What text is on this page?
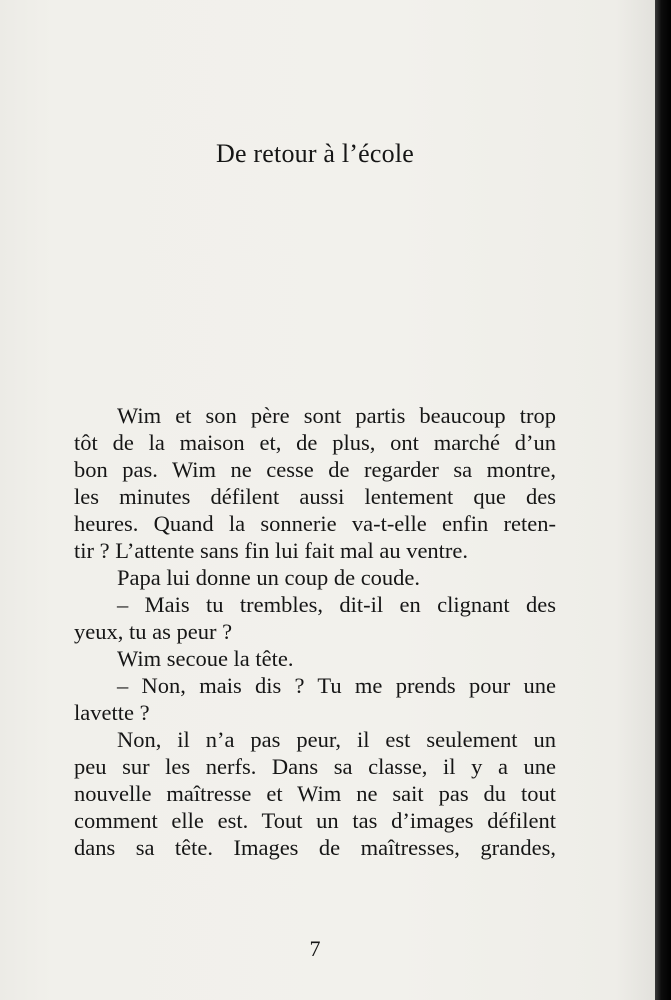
De retour à l’école
Wim et son père sont partis beaucoup trop
tôt de la maison et, de plus, ont marché d’un
bon pas. Wim ne cesse de regarder sa montre,
les minutes défilent aussi lentement que des
heures. Quand la sonnerie va-t-elle enfin reten-
tir ? L’attente sans fin lui fait mal au ventre.
Papa lui donne un coup de coude.
– Mais tu trembles, dit-il en clignant des
yeux, tu as peur ?
Wim secoue la tête.
– Non, mais dis ? Tu me prends pour une
lavette ?
Non, il n’a pas peur, il est seulement un
peu sur les nerfs. Dans sa classe, il y a une
nouvelle maîtresse et Wim ne sait pas du tout
comment elle est. Tout un tas d’images défilent
dans sa tête. Images de maîtresses, grandes,

7
